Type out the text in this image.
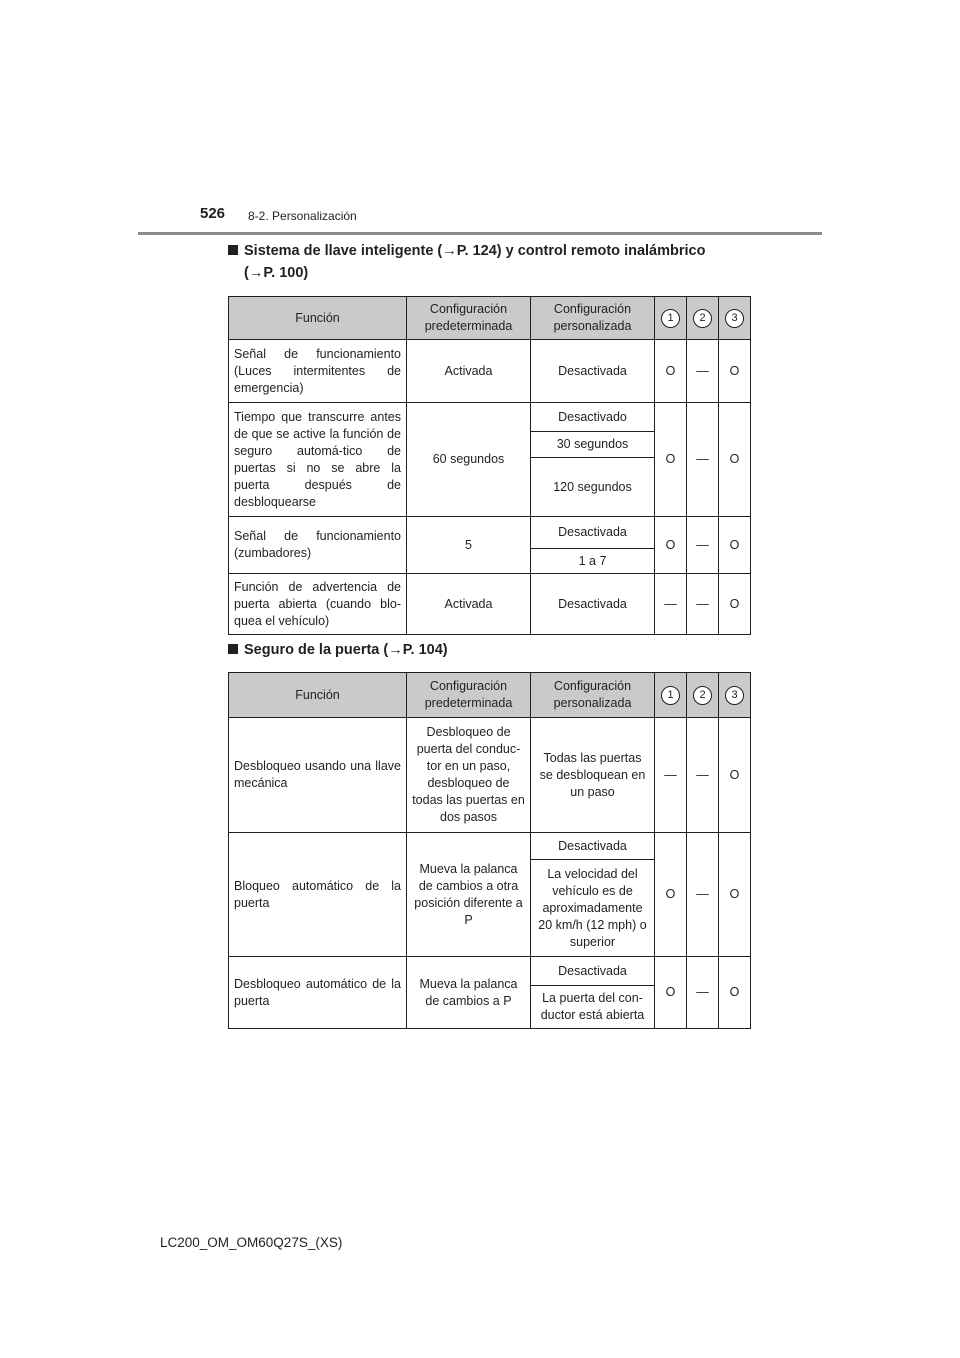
526 8-2. Personalización
Sistema de llave inteligente (→P. 124) y control remoto inalámbrico
(→P. 100)
Función	Configuración predeterminada	Configuración personalizada	1	2	3
Señal de funcionamiento (Luces intermitentes de emergencia)	Activada	Desactivada	O	—	O
Tiempo que transcurre antes de que se active la función de seguro automá-tico de puertas si no se abre la puerta después de desbloquearse	60 segundos	Desactivado	O	—	O
		30 segundos			
		120 segundos			
Señal de funcionamiento (zumbadores)	5	Desactivada	O	—	O
		1 a 7			
Función de advertencia de puerta abierta (cuando blo-quea el vehículo)	Activada	Desactivada	—	—	O
Seguro de la puerta (→P. 104)
Función	Configuración predeterminada	Configuración personalizada	1	2	3
Desbloqueo usando una llave mecánica	Desbloqueo de puerta del conduc-tor en un paso, desbloqueo de todas las puertas en dos pasos	Todas las puertas se desbloquean en un paso	—	—	O
Bloqueo automático de la puerta	Mueva la palanca de cambios a otra posición diferente a P	Desactivada	O	—	O
		La velocidad del vehículo es de aproximadamente 20 km/h (12 mph) o superior			
Desbloqueo automático de la puerta	Mueva la palanca de cambios a P	Desactivada	O	—	O
		La puerta del con-ductor está abierta			
LC200_OM_OM60Q27S_(XS)
